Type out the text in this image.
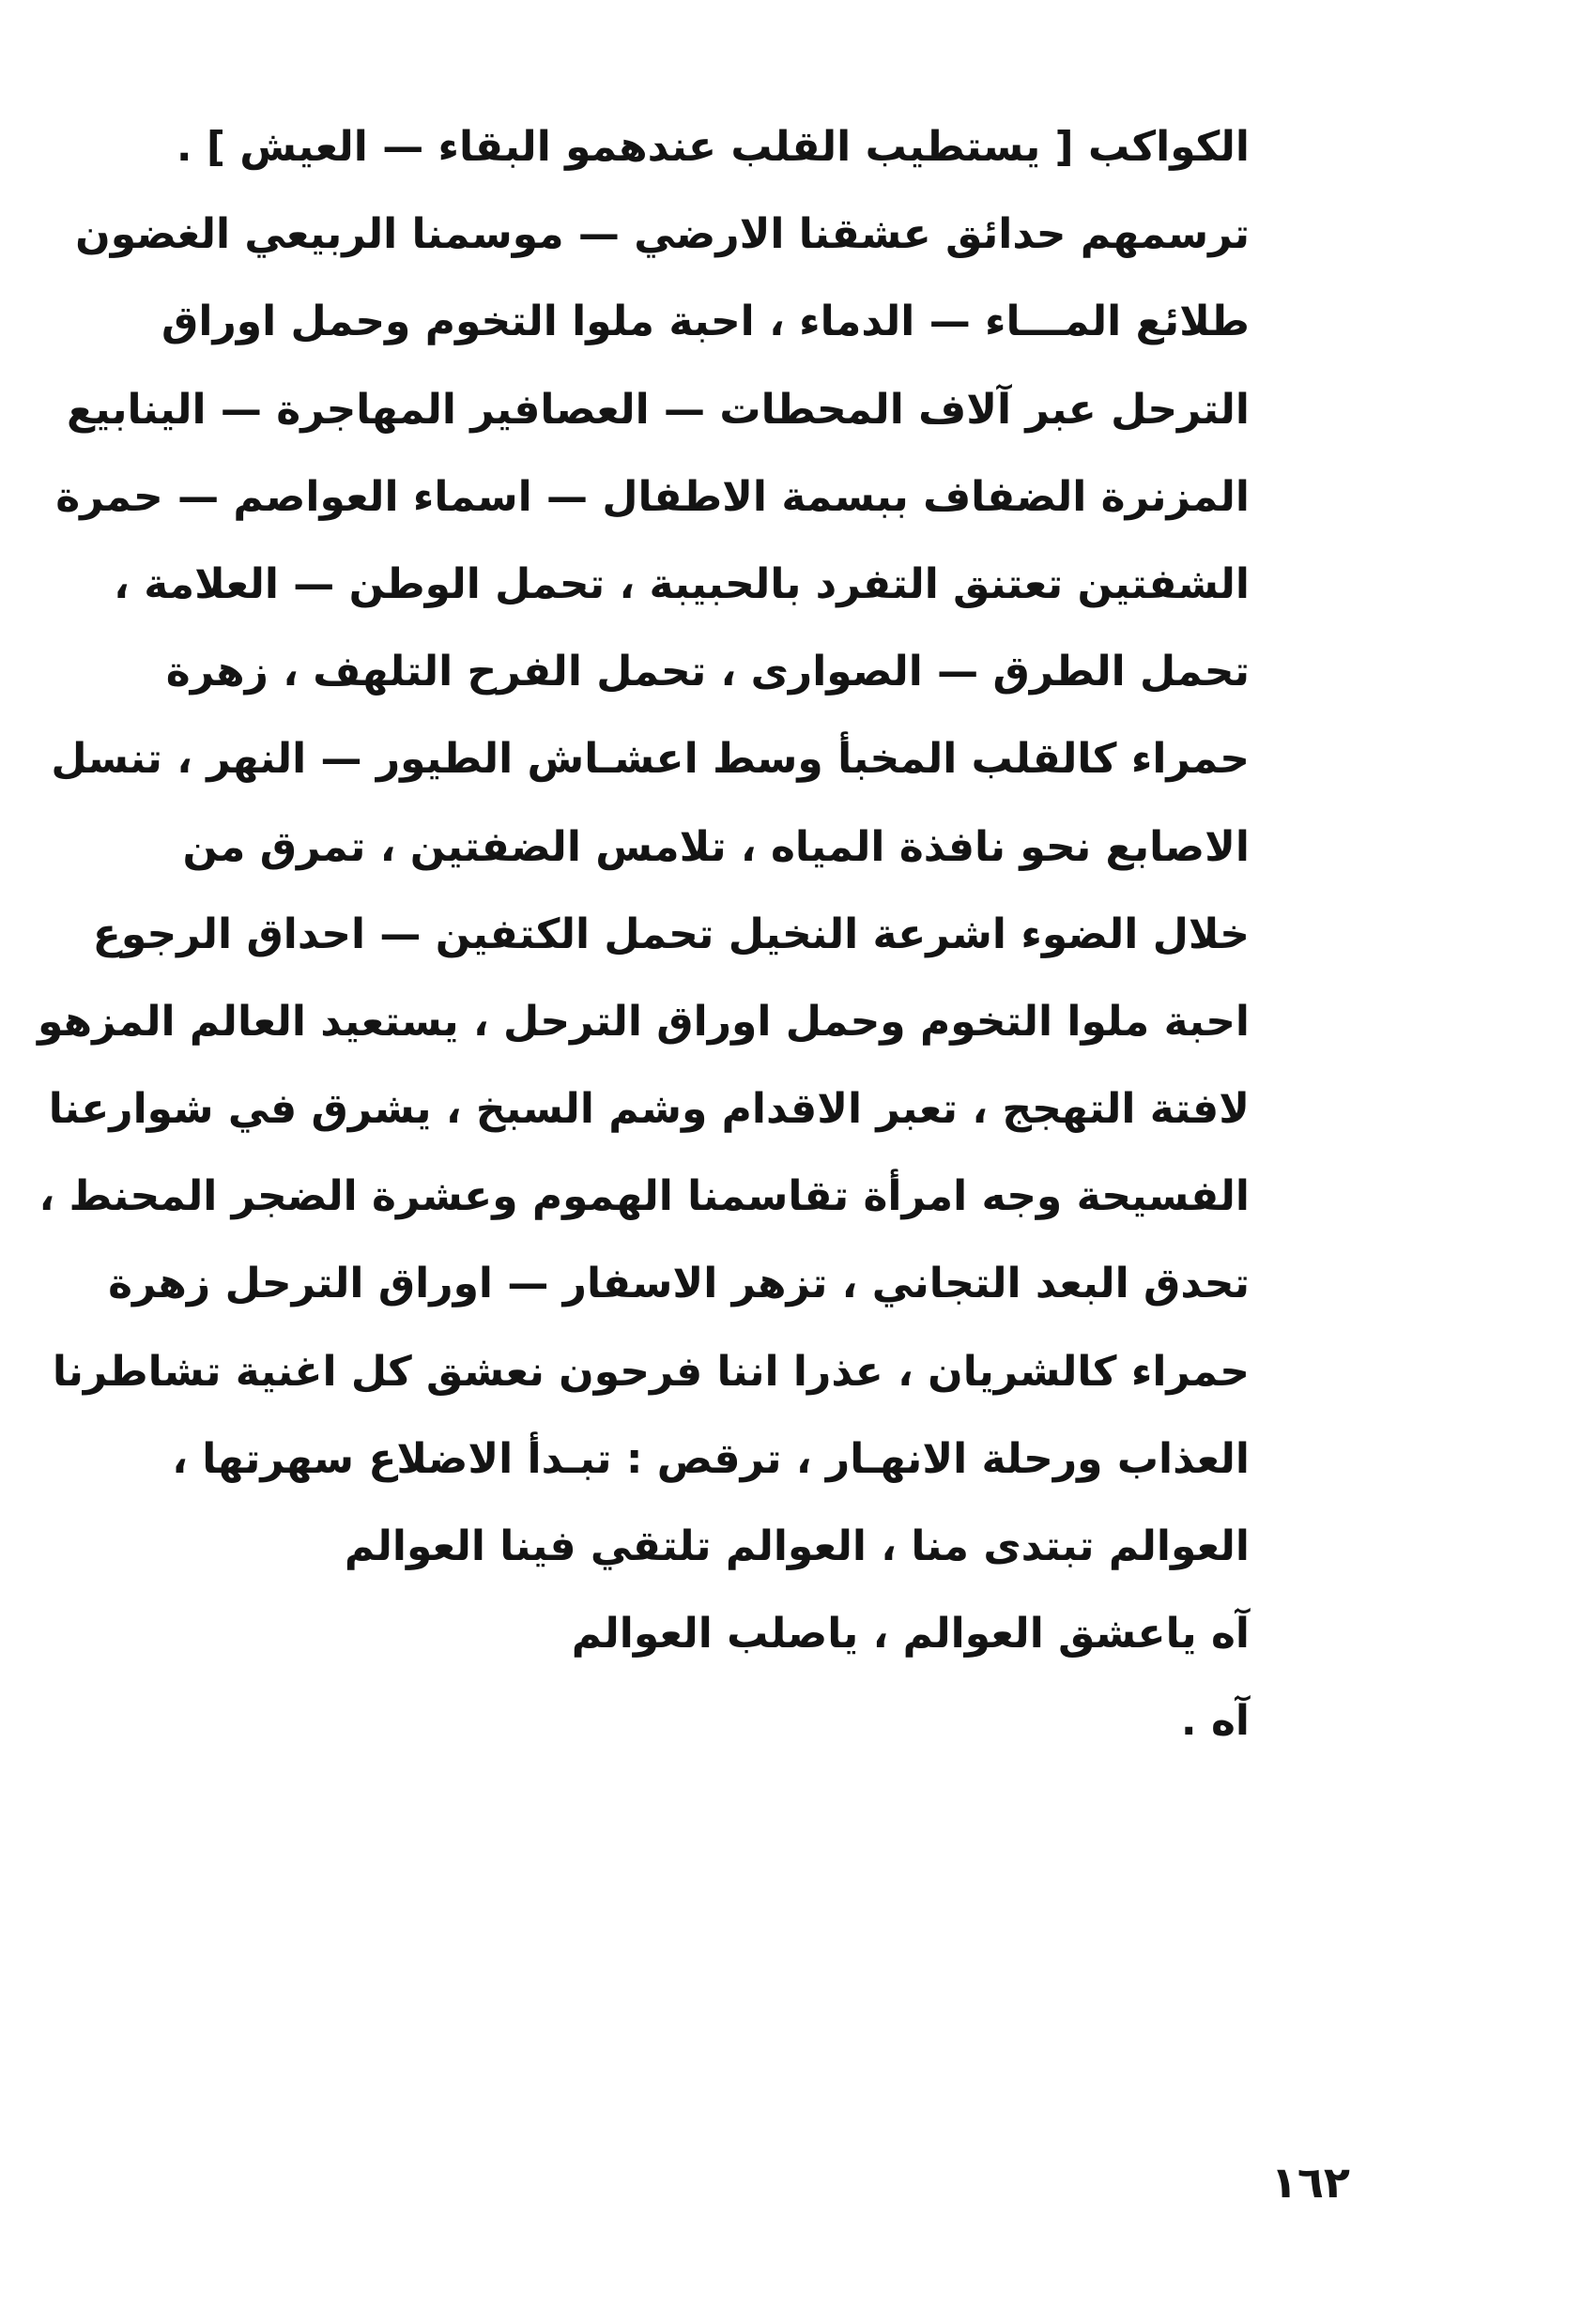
الكواكب [ يستطيب القلب عندهمو البقاء — العيش ] .
ترسمهم حدائق عشقنا الارضي — موسمنا الربيعي الغضون
طلائع المـــاء — الدماء ، احبة ملوا التخوم وحمل اوراق
الترحل عبر آلاف المحطات — العصافير المهاجرة — الينابيع
المزنرة الضفاف ببسمة الاطفال — اسماء العواصم — حمرة
الشفتين تعتنق التفرد بالحبيبة ، تحمل الوطن — العلامة ،
تحمل الطرق — الصوارى ، تحمل الفرح التلهف ، زهرة
حمراء كالقلب المخبأ وسط اعشـاش الطيور — النهر ، تنسل
الاصابع نحو نافذة المياه ، تلامس الضفتين ، تمرق من
خلال الضوء اشرعة النخيل تحمل الكتفين — احداق الرجوع
احبة ملوا التخوم وحمل اوراق الترحل ، يستعيد العالم المزهو
لافتة التهجج ، تعبر الاقدام وشم السبخ ، يشرق في شوارعنا
الفسيحة وجه امرأة تقاسمنا الهموم وعشرة الضجر المحنط ،
تحدق البعد التجاني ، تزهر الاسفار — اوراق الترحل زهرة
حمراء كالشريان ، عذرا اننا فرحون نعشق كل اغنية تشاطرنا
العذاب ورحلة الانهـار ، ترقص : تبـدأ الاضلاع سهرتها ،
العوالم تبتدى منا ، العوالم تلتقي فينا العوالم
آه ياعشق العوالم ، ياصلب العوالم
آه .
١٦٢
